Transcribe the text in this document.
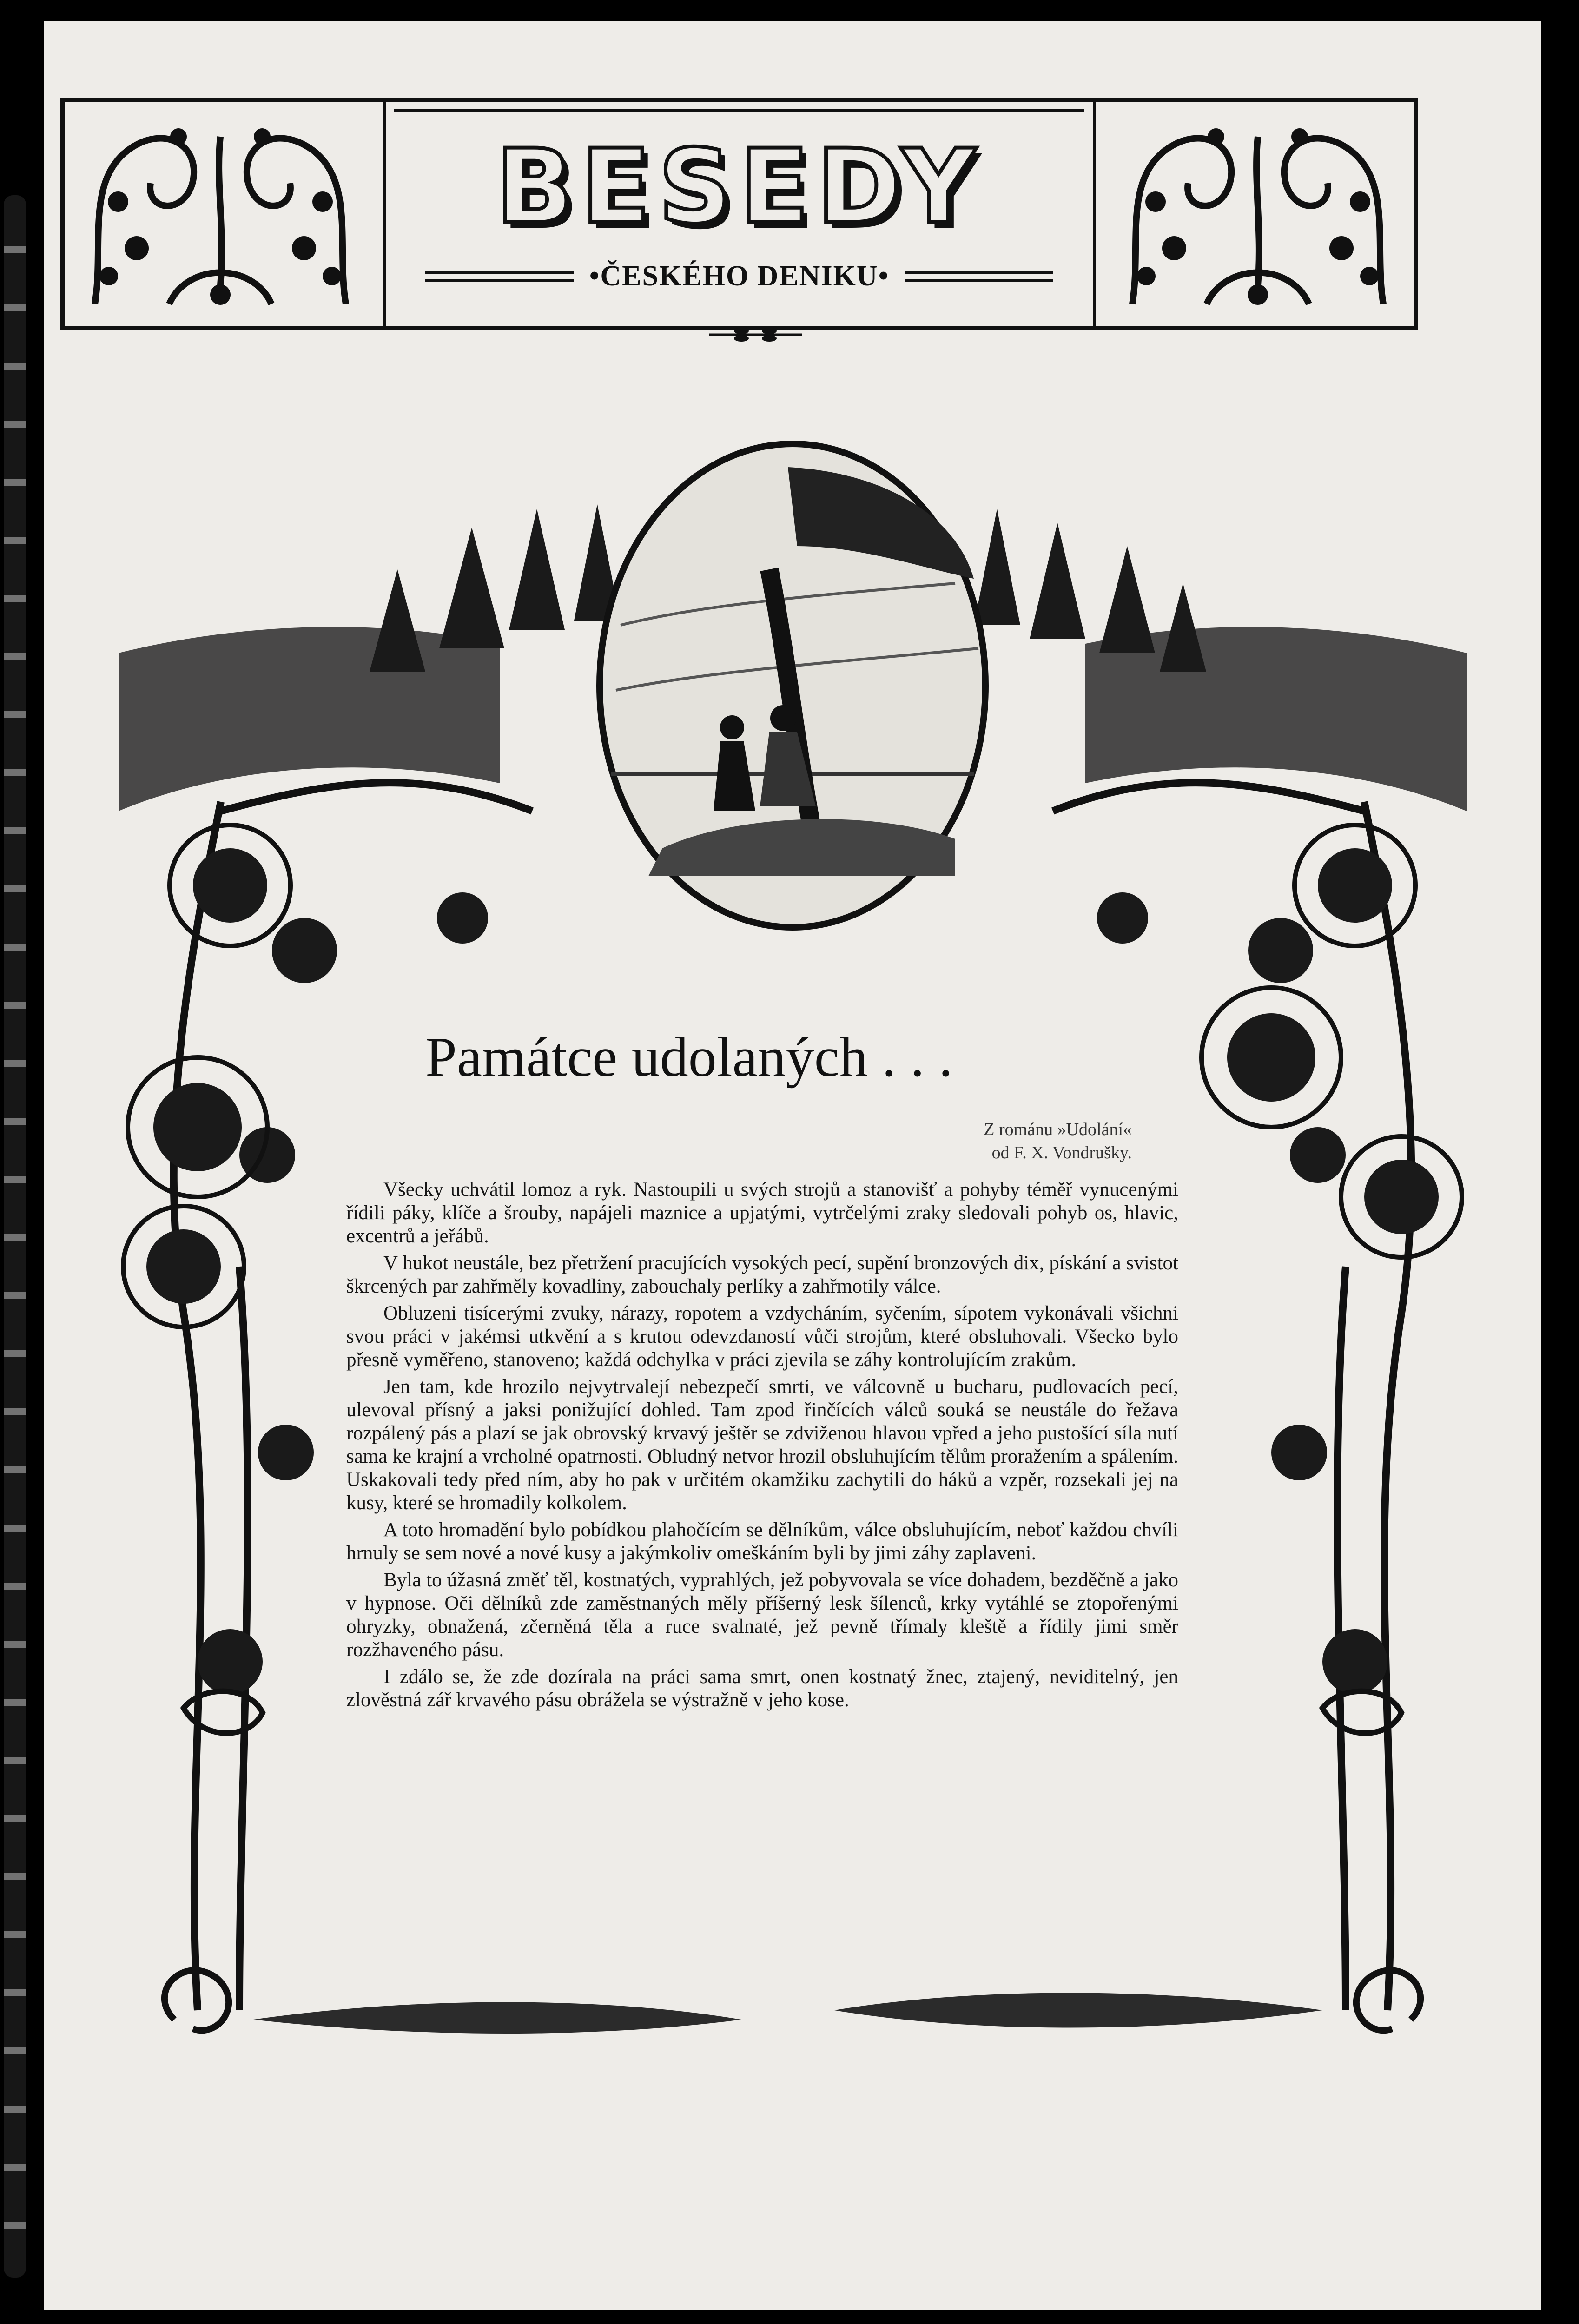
BESEDY
•ČESKÉHO DENIKU•
Památce udolaných . . .
Z románu »Udolání«
od F. X. Vondrušky.

Všecky uchvátil lomoz a ryk. Nastoupili u svých strojů a stanovišť a pohyby téměř vynucenými řídili páky, klíče a šrouby, napájeli maznice a upjatými, vytrčelými zraky sledovali pohyb os, hlavic, excentrů a jeřábů.

V hukot neustále, bez přetržení pracujících vysokých pecí, supění bronzových dix, pískání a svistot škrcených par zahřměly kovadliny, zabouchaly perlíky a zahřmotily válce.

Obluzeni tisícerými zvuky, nárazy, ropotem a vzdycháním, syčením, sípotem vykonávali všichni svou práci v jakémsi utkvění a s krutou odevzdaností vůči strojům, které obsluhovali. Všecko bylo přesně vyměřeno, stanoveno; každá odchylka v práci zjevila se záhy kontrolujícím zrakům.

Jen tam, kde hrozilo nejvytrvalejí nebezpečí smrti, ve válcovně u bucharu, pudlovacích pecí, ulevoval přísný a jaksi ponižující dohled. Tam zpod řinčících válců souká se neustále do řežava rozpálený pás a plazí se jak obrovský krvavý ještěr se zdviženou hlavou vpřed a jeho pustošící síla nutí sama ke krajní a vrcholné opatrnosti. Obludný netvor hrozil obsluhujícím tělům proražením a spálením. Uskakovali tedy před ním, aby ho pak v určitém okamžiku zachytili do háků a vzpěr, rozsekali jej na kusy, které se hromadily kolkolem.

A toto hromadění bylo pobídkou plahočícím se dělníkům, válce obsluhujícím, neboť každou chvíli hrnuly se sem nové a nové kusy a jakýmkoliv omeškáním byli by jimi záhy zaplaveni.

Byla to úžasná změť těl, kostnatých, vyprahlých, jež pobyvovala se více dohadem, bezděčně a jako v hypnose. Oči dělníků zde zaměstnaných měly příšerný lesk šílenců, krky vytáhlé se ztopořenými ohryzky, obnažená, zčerněná těla a ruce svalnaté, jež pevně třímaly kleště a řídily jimi směr rozžhaveného pásu.

I zdálo se, že zde dozírala na práci sama smrt, onen kostnatý žnec, ztajený, neviditelný, jen zlověstná zář krvavého pásu obrážela se výstražně v jeho kose.
